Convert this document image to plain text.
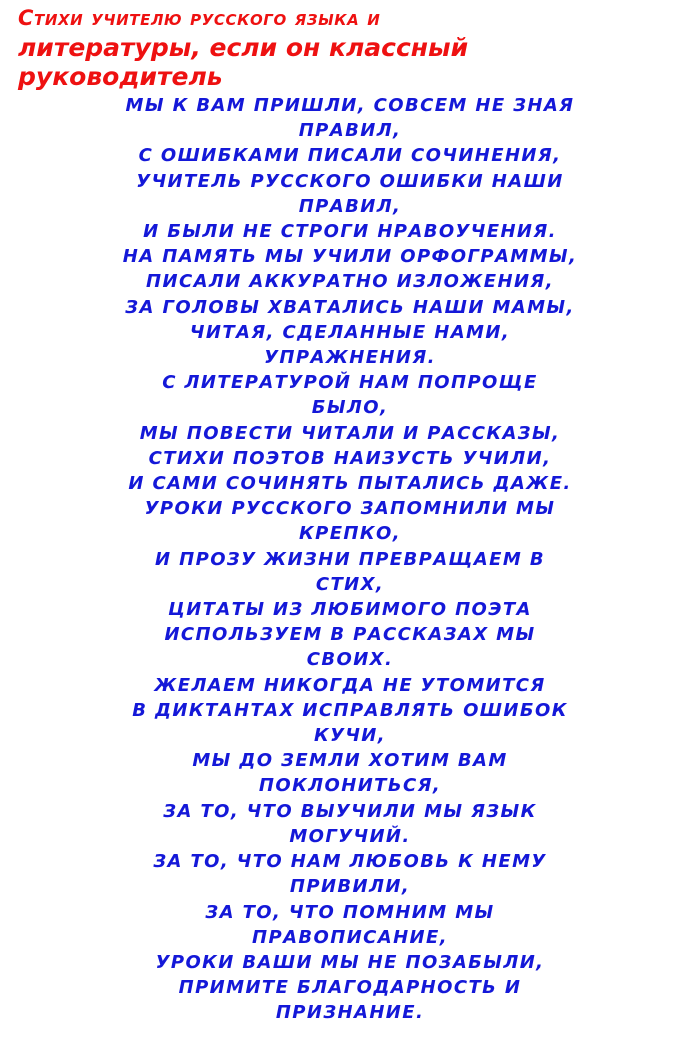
Стихи учителю русского языка и
литературы, если он классный
руководитель
МЫ К ВАМ ПРИШЛИ, СОВСЕМ НЕ ЗНАЯ
ПРАВИЛ,
С ОШИБКАМИ ПИСАЛИ СОЧИНЕНИЯ,
УЧИТЕЛЬ РУССКОГО ОШИБКИ НАШИ
ПРАВИЛ,
И БЫЛИ НЕ СТРОГИ НРАВОУЧЕНИЯ.
НА ПАМЯТЬ МЫ УЧИЛИ ОРФОГРАММЫ,
ПИСАЛИ АККУРАТНО ИЗЛОЖЕНИЯ,
ЗА ГОЛОВЫ ХВАТАЛИСЬ НАШИ МАМЫ,
ЧИТАЯ, СДЕЛАННЫЕ НАМИ,
УПРАЖНЕНИЯ.
С ЛИТЕРАТУРОЙ НАМ ПОПРОЩЕ
БЫЛО,
МЫ ПОВЕСТИ ЧИТАЛИ И РАССКАЗЫ,
СТИХИ ПОЭТОВ НАИЗУСТЬ УЧИЛИ,
И САМИ СОЧИНЯТЬ ПЫТАЛИСЬ ДАЖЕ.
УРОКИ РУССКОГО ЗАПОМНИЛИ МЫ
КРЕПКО,
И ПРОЗУ ЖИЗНИ ПРЕВРАЩАЕМ В
СТИХ,
ЦИТАТЫ ИЗ ЛЮБИМОГО ПОЭТА
ИСПОЛЬЗУЕМ В РАССКАЗАХ МЫ
СВОИХ.
ЖЕЛАЕМ НИКОГДА НЕ УТОМИТСЯ
В ДИКТАНТАХ ИСПРАВЛЯТЬ ОШИБОК
КУЧИ,
МЫ ДО ЗЕМЛИ ХОТИМ ВАМ
ПОКЛОНИТЬСЯ,
ЗА ТО, ЧТО ВЫУЧИЛИ МЫ ЯЗЫК
МОГУЧИЙ.
ЗА ТО, ЧТО НАМ ЛЮБОВЬ К НЕМУ
ПРИВИЛИ,
ЗА ТО, ЧТО ПОМНИМ МЫ
ПРАВОПИСАНИЕ,
УРОКИ ВАШИ МЫ НЕ ПОЗАБЫЛИ,
ПРИМИТЕ БЛАГОДАРНОСТЬ И
ПРИЗНАНИЕ.
